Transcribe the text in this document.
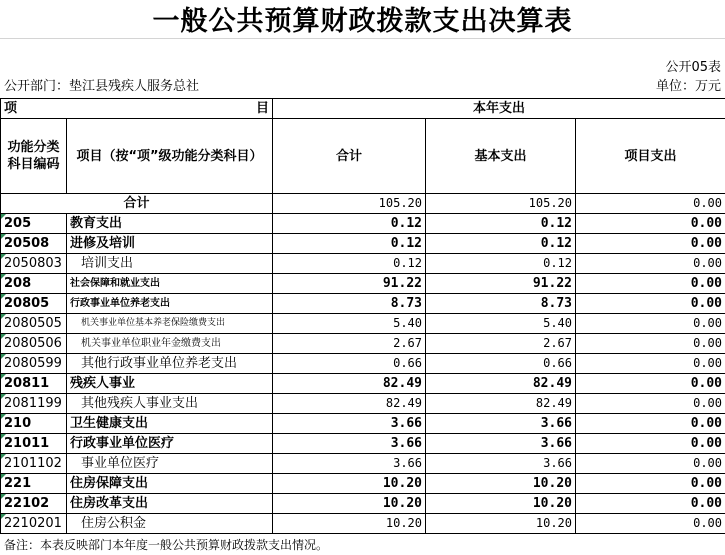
一般公共预算财政拨款支出决算表
公开05表
公开部门：垫江县残疾人服务总社	单位：万元
项 目		本年支出		
功能分类科目编码	项目（按“项”级功能分类科目）	合计	基本支出	项目支出
合计		105.20	105.20	0.00
205	教育支出	0.12	0.12	0.00
20508	进修及培训	0.12	0.12	0.00
2050803	培训支出	0.12	0.12	0.00
208	社会保障和就业支出	91.22	91.22	0.00
20805	行政事业单位养老支出	8.73	8.73	0.00
2080505	机关事业单位基本养老保险缴费支出	5.40	5.40	0.00
2080506	机关事业单位职业年金缴费支出	2.67	2.67	0.00
2080599	其他行政事业单位养老支出	0.66	0.66	0.00
20811	残疾人事业	82.49	82.49	0.00
2081199	其他残疾人事业支出	82.49	82.49	0.00
210	卫生健康支出	3.66	3.66	0.00
21011	行政事业单位医疗	3.66	3.66	0.00
2101102	事业单位医疗	3.66	3.66	0.00
221	住房保障支出	10.20	10.20	0.00
22102	住房改革支出	10.20	10.20	0.00
2210201	住房公积金	10.20	10.20	0.00
备注：本表反映部门本年度一般公共预算财政拨款支出情况。
